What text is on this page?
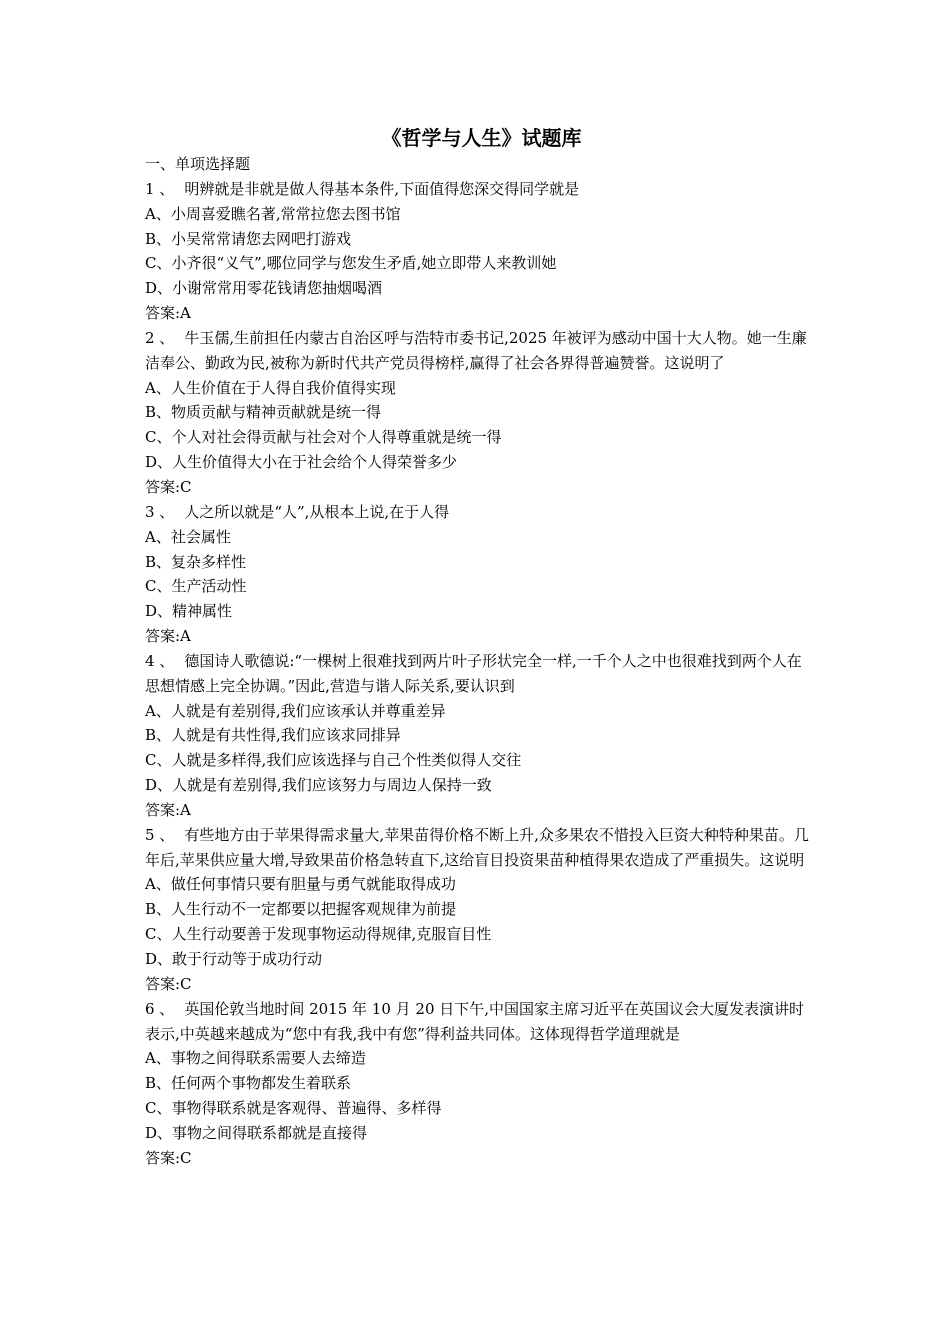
《哲学与人生》试题库

一、单项选择题

1 、 明辨就是非就是做人得基本条件,下面值得您深交得同学就是

A、小周喜爱瞧名著,常常拉您去图书馆

B、小吴常常请您去网吧打游戏

C、小齐很“义气”,哪位同学与您发生矛盾,她立即带人来教训她

D、小谢常常用零花钱请您抽烟喝酒

答案:A

2 、 牛玉儒,生前担任内蒙古自治区呼与浩特市委书记,2025 年被评为感动中国十大人物。她一生廉洁奉公、勤政为民,被称为新时代共产党员得榜样,赢得了社会各界得普遍赞誉。这说明了

A、人生价值在于人得自我价值得实现

B、物质贡献与精神贡献就是统一得

C、个人对社会得贡献与社会对个人得尊重就是统一得

D、人生价值得大小在于社会给个人得荣誉多少

答案:C

3 、 人之所以就是“人”,从根本上说,在于人得

A、社会属性

B、复杂多样性

C、生产活动性

D、精神属性

答案:A

4 、 德国诗人歌德说:“一棵树上很难找到两片叶子形状完全一样,一千个人之中也很难找到两个人在思想情感上完全协调。”因此,营造与谐人际关系,要认识到

A、人就是有差别得,我们应该承认并尊重差异

B、人就是有共性得,我们应该求同排异

C、人就是多样得,我们应该选择与自己个性类似得人交往

D、人就是有差别得,我们应该努力与周边人保持一致

答案:A

5 、 有些地方由于苹果得需求量大,苹果苗得价格不断上升,众多果农不惜投入巨资大种特种果苗。几年后,苹果供应量大增,导致果苗价格急转直下,这给盲目投资果苗种植得果农造成了严重损失。这说明

A、做任何事情只要有胆量与勇气就能取得成功

B、人生行动不一定都要以把握客观规律为前提

C、人生行动要善于发现事物运动得规律,克服盲目性

D、敢于行动等于成功行动

答案:C

6 、 英国伦敦当地时间 2015 年 10 月 20 日下午,中国国家主席习近平在英国议会大厦发表演讲时表示,中英越来越成为“您中有我,我中有您”得利益共同体。这体现得哲学道理就是

A、事物之间得联系需要人去缔造

B、任何两个事物都发生着联系

C、事物得联系就是客观得、普遍得、多样得

D、事物之间得联系都就是直接得

答案:C
